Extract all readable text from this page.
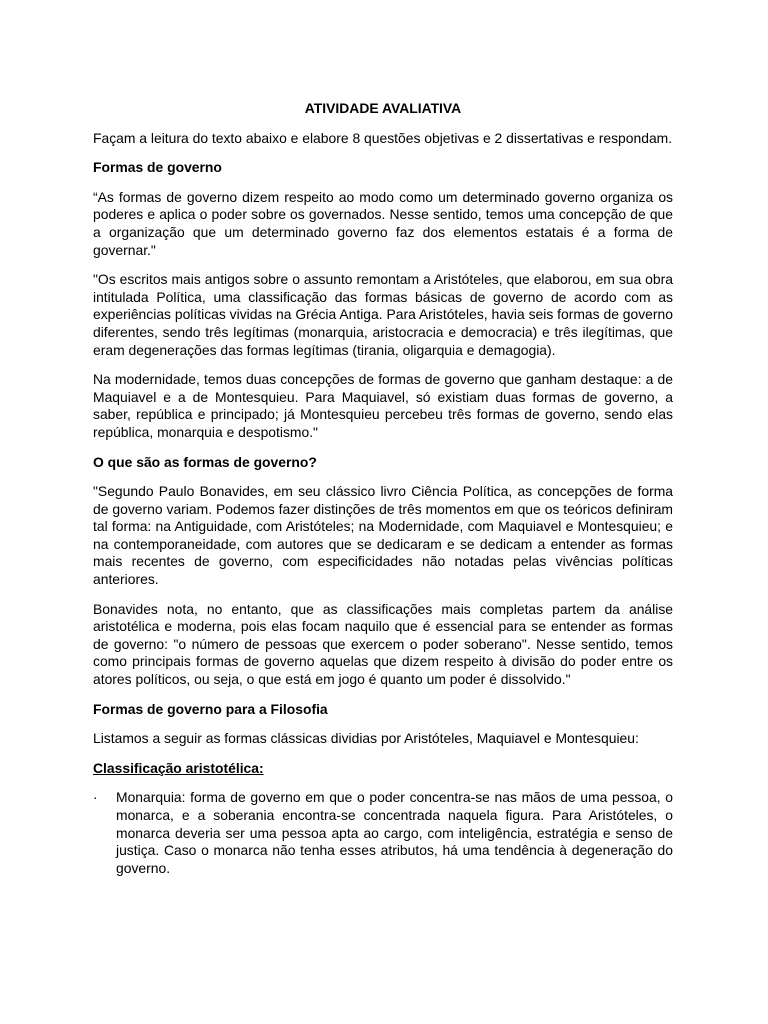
ATIVIDADE AVALIATIVA

Façam a leitura do texto abaixo e elabore 8 questões objetivas e 2 dissertativas e respondam.

Formas de governo

“As formas de governo dizem respeito ao modo como um determinado governo organiza os poderes e aplica o poder sobre os governados. Nesse sentido, temos uma concepção de que a organização que um determinado governo faz dos elementos estatais é a forma de governar."

"Os escritos mais antigos sobre o assunto remontam a Aristóteles, que elaborou, em sua obra intitulada Política, uma classificação das formas básicas de governo de acordo com as experiências políticas vividas na Grécia Antiga. Para Aristóteles, havia seis formas de governo diferentes, sendo três legítimas (monarquia, aristocracia e democracia) e três ilegítimas, que eram degenerações das formas legítimas (tirania, oligarquia e demagogia).

Na modernidade, temos duas concepções de formas de governo que ganham destaque: a de Maquiavel e a de Montesquieu. Para Maquiavel, só existiam duas formas de governo, a saber, república e principado; já Montesquieu percebeu três formas de governo, sendo elas república, monarquia e despotismo."

O que são as formas de governo?

"Segundo Paulo Bonavides, em seu clássico livro Ciência Política, as concepções de forma de governo variam. Podemos fazer distinções de três momentos em que os teóricos definiram tal forma: na Antiguidade, com Aristóteles; na Modernidade, com Maquiavel e Montesquieu; e na contemporaneidade, com autores que se dedicaram e se dedicam a entender as formas mais recentes de governo, com especificidades não notadas pelas vivências políticas anteriores.

Bonavides nota, no entanto, que as classificações mais completas partem da análise aristotélica e moderna, pois elas focam naquilo que é essencial para se entender as formas de governo: "o número de pessoas que exercem o poder soberano". Nesse sentido, temos como principais formas de governo aquelas que dizem respeito à divisão do poder entre os atores políticos, ou seja, o que está em jogo é quanto um poder é dissolvido."

Formas de governo para a Filosofia

Listamos a seguir as formas clássicas dividias por Aristóteles, Maquiavel e Montesquieu:

Classificação aristotélica:
· Monarquia: forma de governo em que o poder concentra-se nas mãos de uma pessoa, o monarca, e a soberania encontra-se concentrada naquela figura. Para Aristóteles, o monarca deveria ser uma pessoa apta ao cargo, com inteligência, estratégia e senso de justiça. Caso o monarca não tenha esses atributos, há uma tendência à degeneração do governo.
